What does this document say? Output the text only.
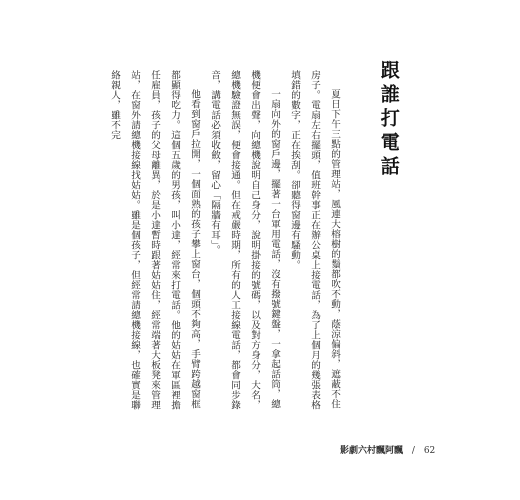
跟誰打電話

夏日下午三點的管理站，風連大榕樹的鬚都吹不動，蔭涼偏斜，遮蔽不住房子。電扇左右擺頭，值班幹事正在辦公桌上接電話，為了上個月的幾張表格填錯的數字，正在挨刮。卻聽得窗邊有騷動。

一扇向外的窗戶邊，擺著一台軍用電話，沒有撥號鍵盤，一拿起話筒，總機便會出聲，向總機說明自己身分，說明掛接的號碼，以及對方身分，大名，總機驗證無誤，便會接通。但在戒嚴時期，所有的人工接線電話，都會同步錄音，講電話必須收斂，留心「隔牆有耳」。

他看到窗戶拉開，一個面熟的孩子攀上窗台，個頭不夠高，手臂跨越窗框都顯得吃力。這個五歲的男孩，叫小達，經常來打電話。他的姑姑在軍區裡擔任雇員，孩子的父母離異，於是小達暫時跟著姑姑住，經常端著大板凳來管理站，在窗外請總機接線找姑姑。雖是個孩子，但經常請總機接線，也確實是聯絡親人，雖不完

影劇六村飄阿飄 / 62
